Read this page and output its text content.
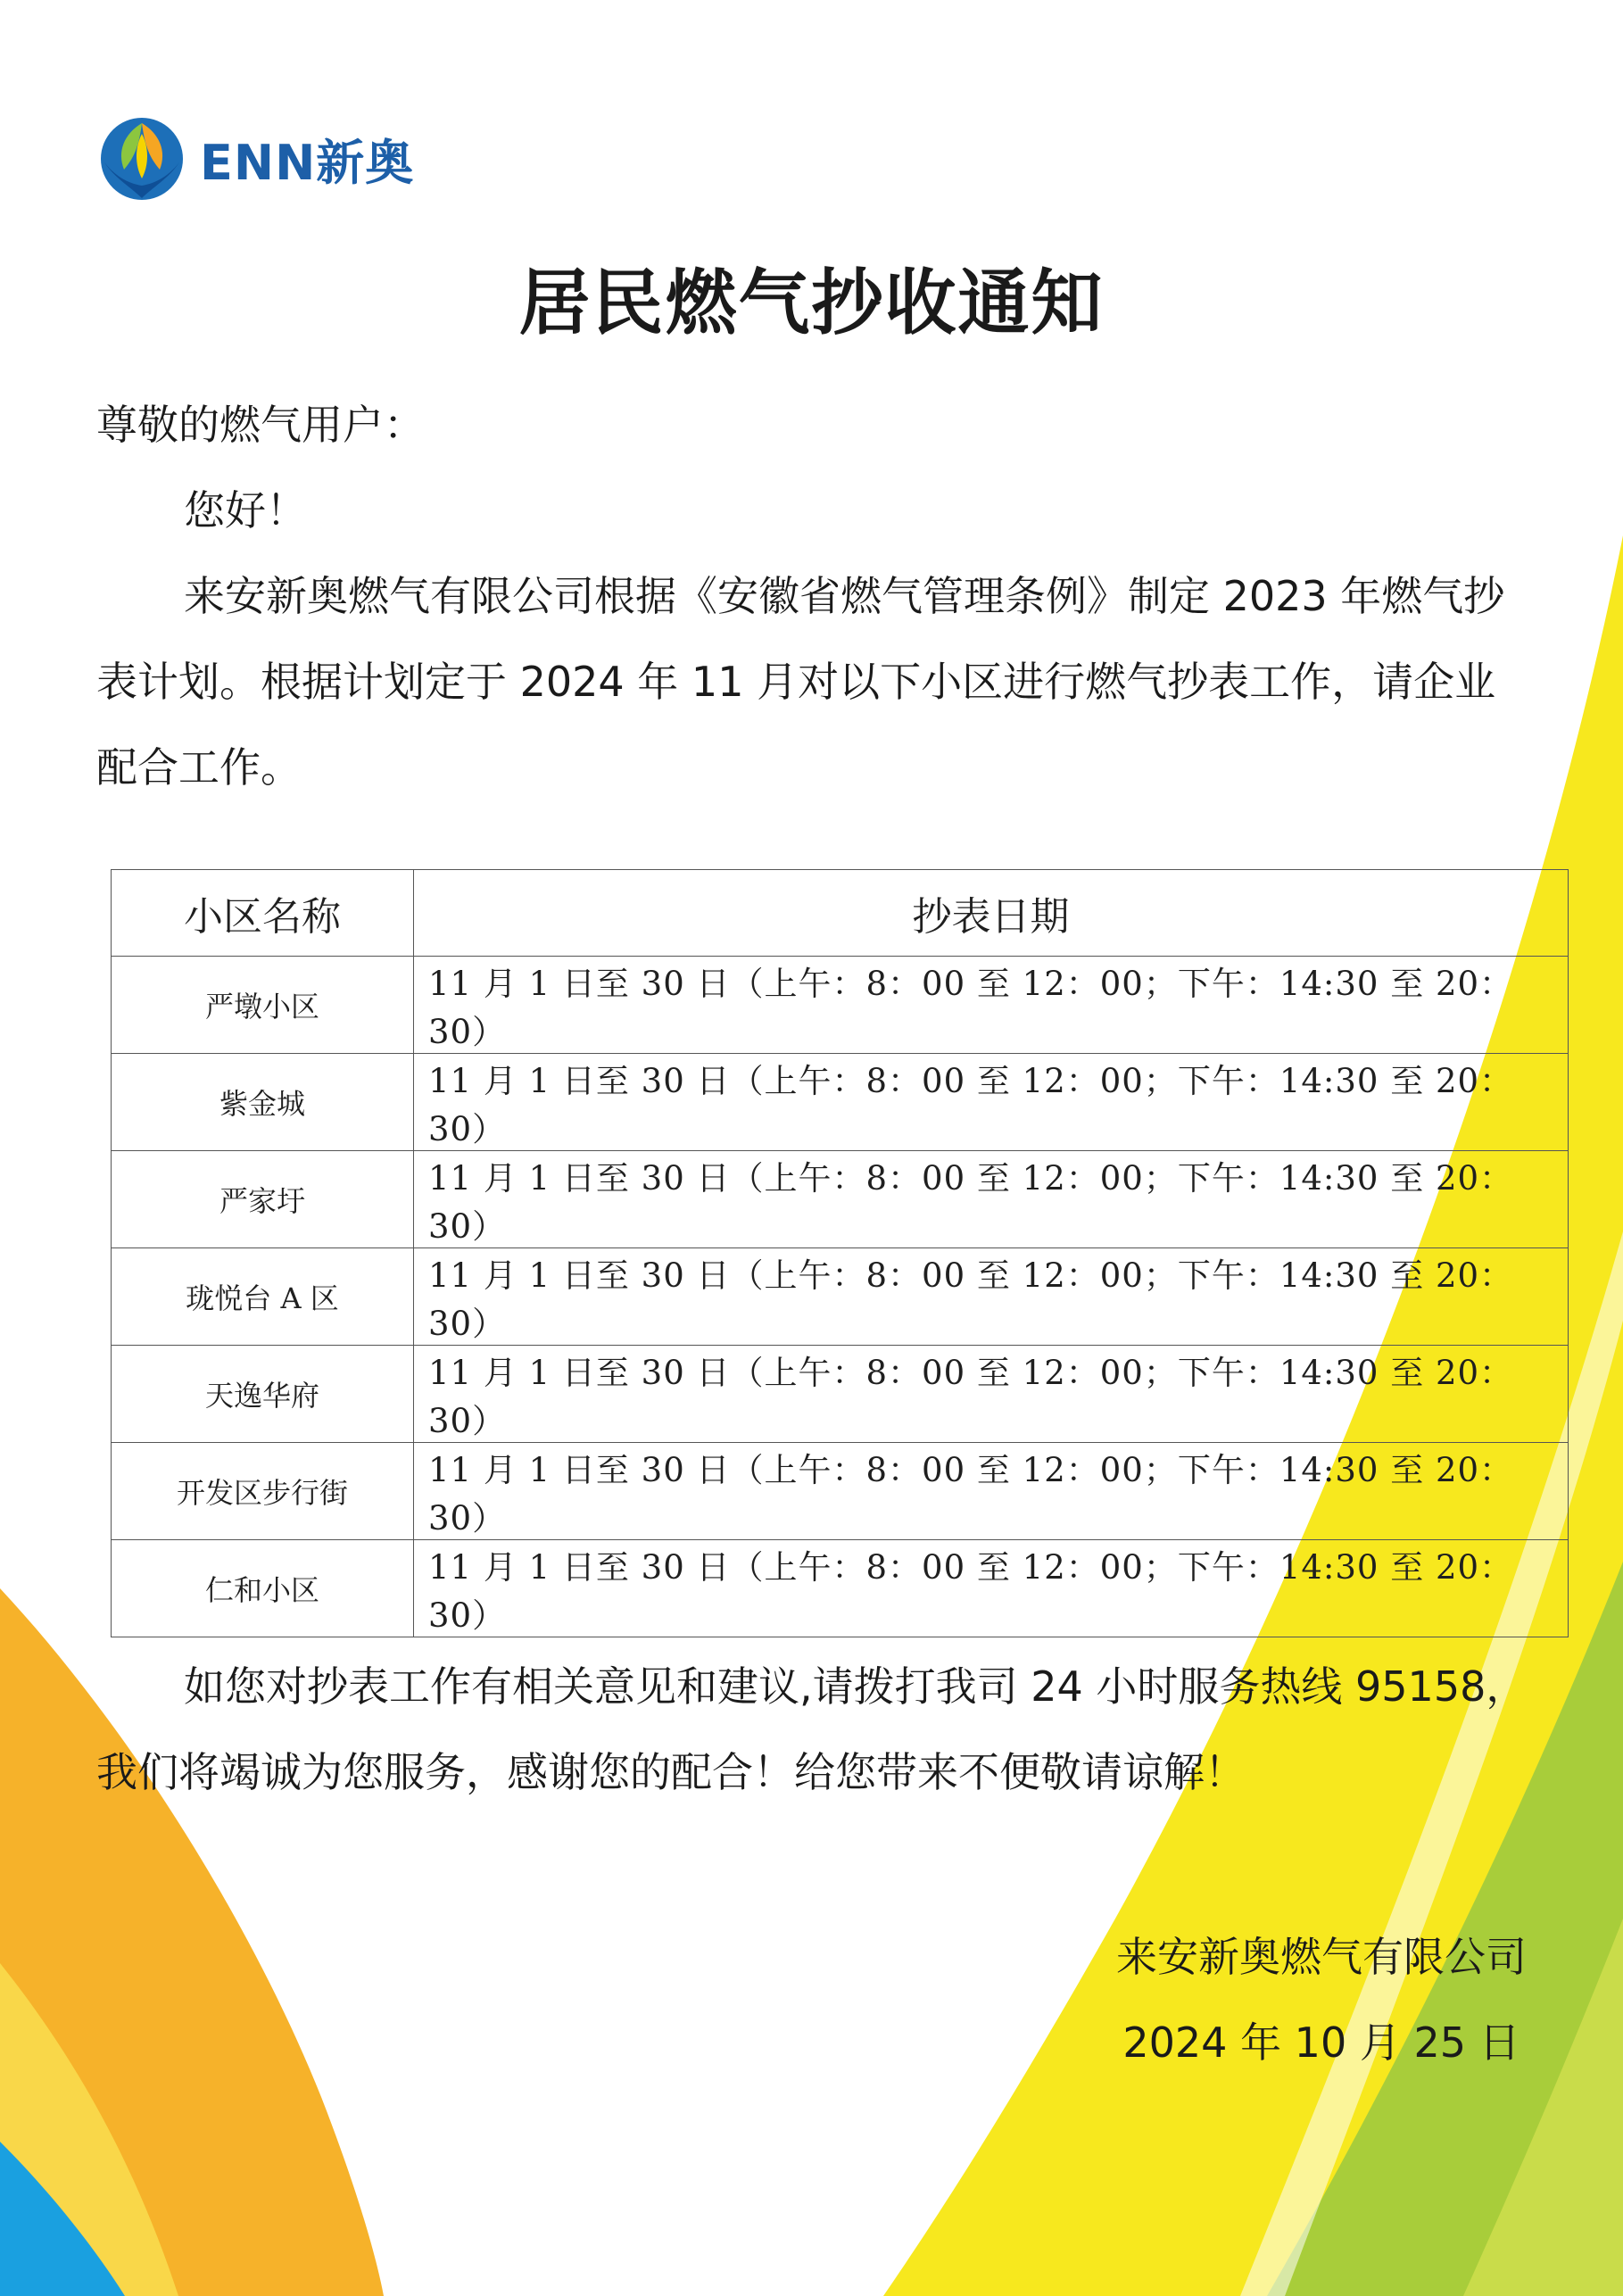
ENN新奥
居民燃气抄收通知
尊敬的燃气用户：
您好！
来安新奥燃气有限公司根据《安徽省燃气管理条例》制定 2023 年燃气抄表计划。根据计划定于 2024 年 11 月对以下小区进行燃气抄表工作，请企业配合工作。
小区名称	抄表日期
严墩小区	11 月 1 日至 30 日（上午：8：00 至 12：00；下午：14:30 至 20：30）
紫金城	11 月 1 日至 30 日（上午：8：00 至 12：00；下午：14:30 至 20：30）
严家圩	11 月 1 日至 30 日（上午：8：00 至 12：00；下午：14:30 至 20：30）
珑悦台 A 区	11 月 1 日至 30 日（上午：8：00 至 12：00；下午：14:30 至 20：30）
天逸华府	11 月 1 日至 30 日（上午：8：00 至 12：00；下午：14:30 至 20：30）
开发区步行街	11 月 1 日至 30 日（上午：8：00 至 12：00；下午：14:30 至 20：30）
仁和小区	11 月 1 日至 30 日（上午：8：00 至 12：00；下午：14:30 至 20：30）
如您对抄表工作有相关意见和建议,请拨打我司 24 小时服务热线 95158，我们将竭诚为您服务，感谢您的配合！给您带来不便敬请谅解！
来安新奥燃气有限公司
2024 年 10 月 25 日
